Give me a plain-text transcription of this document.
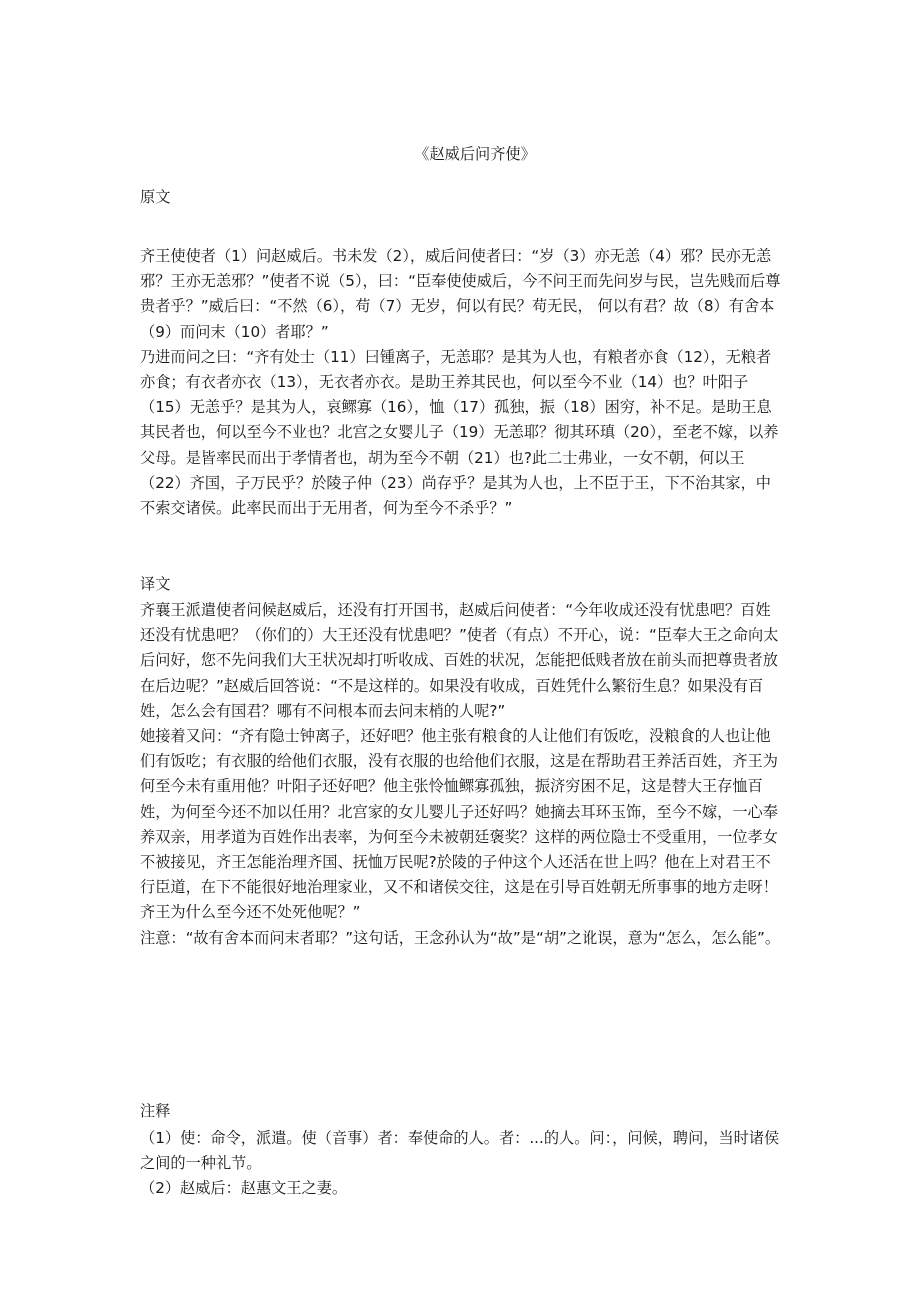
《赵威后问齐使》
原文

齐王使使者（1）问赵威后。书未发（2），威后问使者曰：“岁（3）亦无恙（4）邪？民亦无恙邪？王亦无恙邪？”使者不说（5），曰：“臣奉使使威后，今不问王而先问岁与民，岂先贱而后尊贵者乎？”威后曰：“不然（6），苟（7）无岁，何以有民？苟无民， 何以有君？故（8）有舍本（9）而问末（10）者耶？”

乃进而问之曰：“齐有处士（11）曰锺离子，无恙耶？是其为人也，有粮者亦食（12），无粮者亦食；有衣者亦衣（13），无衣者亦衣。是助王养其民也，何以至今不业（14）也？叶阳子（15）无恙乎？是其为人，哀鳏寡（16），恤（17）孤独，振（18）困穷，补不足。是助王息其民者也，何以至今不业也？北宫之女婴儿子（19）无恙耶？彻其环瑱（20），至老不嫁，以养父母。是皆率民而出于孝情者也，胡为至今不朝（21）也?此二士弗业，一女不朝，何以王（22）齐国，子万民乎？於陵子仲（23）尚存乎？是其为人也，上不臣于王，下不治其家，中不索交诸侯。此率民而出于无用者，何为至今不杀乎？”

译文

齐襄王派遣使者问候赵威后，还没有打开国书，赵威后问使者：“今年收成还没有忧患吧？百姓还没有忧患吧？（你们的）大王还没有忧患吧？”使者（有点）不开心，说：“臣奉大王之命向太后问好，您不先问我们大王状况却打听收成、百姓的状况，怎能把低贱者放在前头而把尊贵者放在后边呢？”赵威后回答说：“不是这样的。如果没有收成，百姓凭什么繁衍生息？如果没有百姓，怎么会有国君？哪有不问根本而去问末梢的人呢?”

她接着又问：“齐有隐士钟离子，还好吧？他主张有粮食的人让他们有饭吃，没粮食的人也让他们有饭吃；有衣服的给他们衣服，没有衣服的也给他们衣服，这是在帮助君王养活百姓，齐王为何至今未有重用他？叶阳子还好吧？他主张怜恤鳏寡孤独，振济穷困不足，这是替大王存恤百姓，为何至今还不加以任用？北宫家的女儿婴儿子还好吗？她摘去耳环玉饰，至今不嫁，一心奉养双亲，用孝道为百姓作出表率，为何至今未被朝廷褒奖？这样的两位隐士不受重用，一位孝女不被接见，齐王怎能治理齐国、抚恤万民呢?於陵的子仲这个人还活在世上吗？他在上对君王不行臣道，在下不能很好地治理家业，又不和诸侯交往，这是在引导百姓朝无所事事的地方走呀！齐王为什么至今还不处死他呢？”

注意：“故有舍本而问末者耶？”这句话，王念孙认为“故”是“胡”之讹误，意为“怎么，怎么能”。

注释

（1）使：命令，派遣。使（音事）者：奉使命的人。者：...的人。问：，问候，聘问，当时诸侯之间的一种礼节。

（2）赵威后：赵惠文王之妻。
